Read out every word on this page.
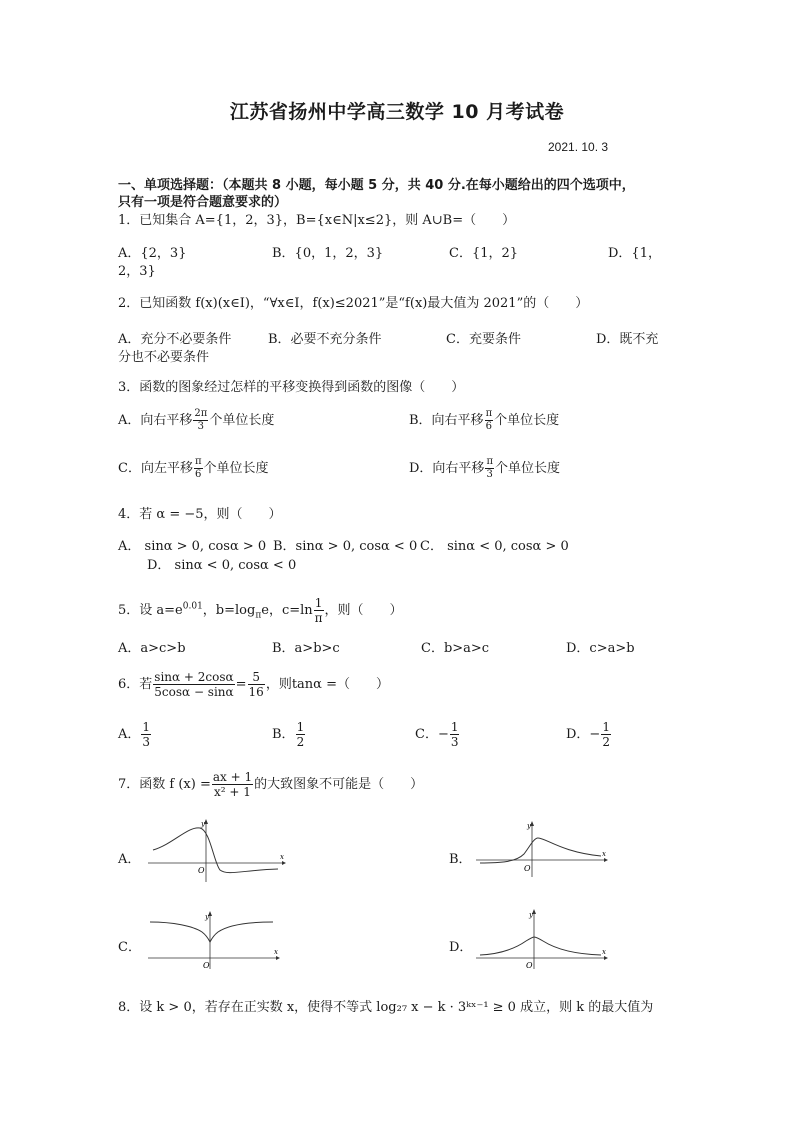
江苏省扬州中学高三数学 10 月考试卷
2021. 10. 3
一、单项选择题：（本题共 8 小题，每小题 5 分，共 40 分.在每小题给出的四个选项中，
只有一项是符合题意要求的）
1．已知集合 A={1，2，3}，B={x∈N|x≤2}，则 A∪B=（　　）
A．{2，3}	B．{0，1，2，3}	C．{1，2}	D．{1，
2，3}
2．已知函数 f(x)(x∈I)，“∀x∈I，f(x)≤2021”是“f(x)最大值为 2021”的（　　）
A．充分不必要条件	B．必要不充分条件	C．充要条件	D．既不充
分也不必要条件
3．函数的图象经过怎样的平移变换得到函数的图像（　　）
A．向右平移 $\frac{2\pi}{3}$ 个单位长度	B．向右平移 $\frac{\pi}{6}$ 个单位长度
C．向左平移 $\frac{\pi}{6}$ 个单位长度	D．向右平移 $\frac{\pi}{3}$ 个单位长度
4．若 α = −5，则（　　）
A． sinα > 0, cosα > 0 B．sinα > 0, cosα < 0 C． sinα < 0, cosα > 0
D． sinα < 0, cosα < 0
5．设 $a=e^{0.01}$，$b=\log_\pi e$，$c=\ln \frac{1}{\pi}$ ，则（　　）
A．a>c>b	B．a>b>c	C．b>a>c	D．c>a>b
6．若 $\frac{\sin\alpha + 2\cos\alpha}{5\cos\alpha - \sin\alpha} = \frac{5}{16}$ ，则tanα =（　　）
A． $\frac{1}{3}$	B． $\frac{1}{2}$	C．− $\frac{1}{3}$	D．− $\frac{1}{2}$
7．函数 f $(x) = \frac{ax + 1}{\text{x² + 1}}$ 的大致图象不可能是（　　）
A．	x
y
O
B．	x
y
O
C．	x
y
O
D．	x
y
O
8．设 k > 0，若存在正实数 x，使得不等式 log₂₇ x − k · 3ᵏˣ⁻¹ ≥ 0 成立，则 k 的最大值为
